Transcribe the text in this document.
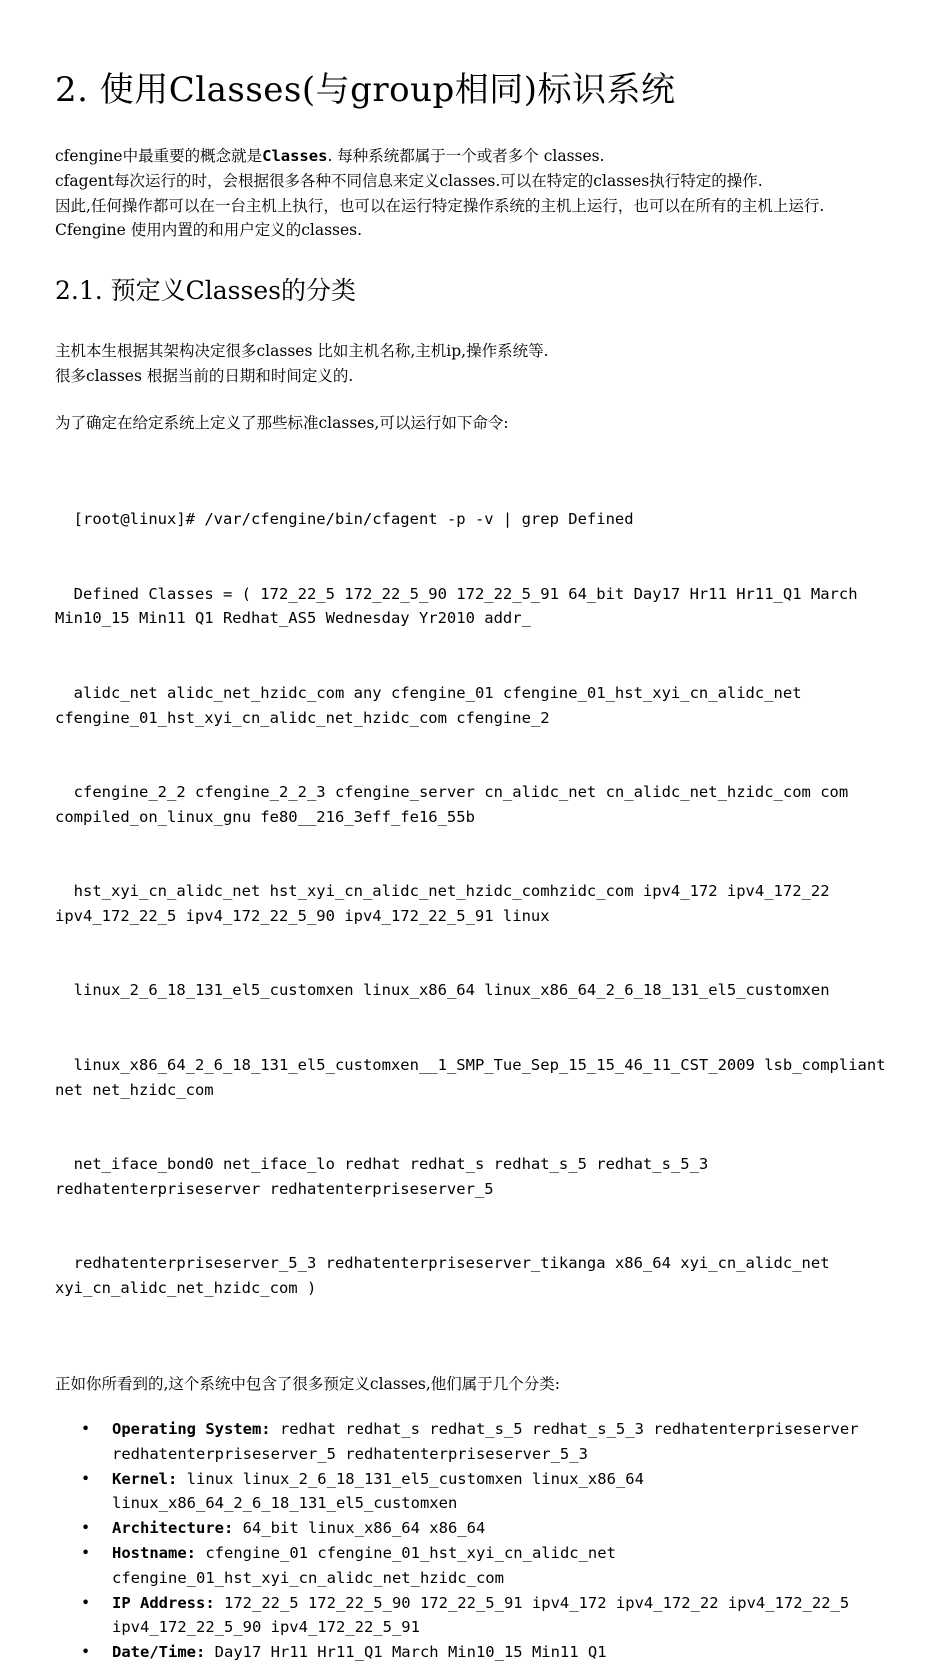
2. 使用Classes(与group相同)标识系统

cfengine中最重要的概念就是Classes. 每种系统都属于一个或者多个 classes.

cfagent每次运行的时，会根据很多各种不同信息来定义classes.可以在特定的classes执行特定的操作.

因此,任何操作都可以在一台主机上执行，也可以在运行特定操作系统的主机上运行，也可以在所有的主机上运行.

Cfengine 使用内置的和用户定义的classes.

2.1. 预定义Classes的分类

主机本生根据其架构决定很多classes 比如主机名称,主机ip,操作系统等.

很多classes 根据当前的日期和时间定义的.

为了确定在给定系统上定义了那些标准classes,可以运行如下命令:

[root@linux]# /var/cfengine/bin/cfagent -p -v | grep Defined

Defined Classes = ( 172_22_5 172_22_5_90 172_22_5_91 64_bit Day17 Hr11 Hr11_Q1 March Min10_15 Min11 Q1 Redhat_AS5 Wednesday Yr2010 addr_

alidc_net alidc_net_hzidc_com any cfengine_01 cfengine_01_hst_xyi_cn_alidc_net cfengine_01_hst_xyi_cn_alidc_net_hzidc_com cfengine_2

cfengine_2_2 cfengine_2_2_3 cfengine_server cn_alidc_net cn_alidc_net_hzidc_com com compiled_on_linux_gnu fe80__216_3eff_fe16_55b

hst_xyi_cn_alidc_net hst_xyi_cn_alidc_net_hzidc_comhzidc_com ipv4_172 ipv4_172_22 ipv4_172_22_5 ipv4_172_22_5_90 ipv4_172_22_5_91 linux

linux_2_6_18_131_el5_customxen linux_x86_64 linux_x86_64_2_6_18_131_el5_customxen

linux_x86_64_2_6_18_131_el5_customxen__1_SMP_Tue_Sep_15_15_46_11_CST_2009 lsb_compliant net net_hzidc_com

net_iface_bond0 net_iface_lo redhat redhat_s redhat_s_5 redhat_s_5_3 redhatenterpriseserver redhatenterpriseserver_5

redhatenterpriseserver_5_3 redhatenterpriseserver_tikanga x86_64 xyi_cn_alidc_net xyi_cn_alidc_net_hzidc_com )

正如你所看到的,这个系统中包含了很多预定义classes,他们属于几个分类:

• Operating System: redhat redhat_s redhat_s_5 redhat_s_5_3 redhatenterpriseserver redhatenterpriseserver_5 redhatenterpriseserver_5_3
• Kernel: linux linux_2_6_18_131_el5_customxen linux_x86_64 linux_x86_64_2_6_18_131_el5_customxen
• Architecture: 64_bit linux_x86_64 x86_64
• Hostname: cfengine_01 cfengine_01_hst_xyi_cn_alidc_net cfengine_01_hst_xyi_cn_alidc_net_hzidc_com
• IP Address: 172_22_5 172_22_5_90 172_22_5_91 ipv4_172 ipv4_172_22 ipv4_172_22_5 ipv4_172_22_5_90 ipv4_172_22_5_91
• Date/Time: Day17 Hr11 Hr11_Q1 March Min10_15 Min11 Q1
